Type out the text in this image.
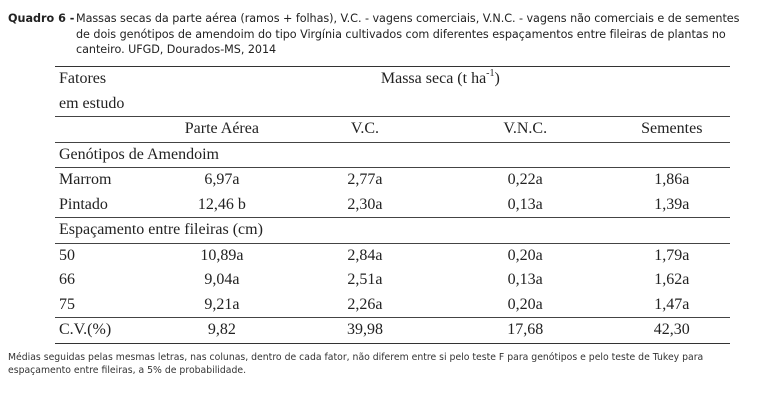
Quadro 6 - Massas secas da parte aérea (ramos + folhas), V.C. - vagens comerciais, V.N.C. - vagens não comerciais e de sementes de dois genótipos de amendoim do tipo Virgínia cultivados com diferentes espaçamentos entre fileiras de plantas no canteiro. UFGD, Dourados-MS, 2014
Fatores	Massa seca (t $ha^{-1}$)			
em estudo				
	Parte Aérea	V.C.	V.N.C.	Sementes
Genótipos de Amendoim				
Marrom	6,97a	2,77a	0,22a	1,86a
Pintado	12,46 b	2,30a	0,13a	1,39a
Espaçamento entre fileiras (cm)				
50	10,89a	2,84a	0,20a	1,79a
66	9,04a	2,51a	0,13a	1,62a
75	9,21a	2,26a	0,20a	1,47a
C.V.(%)	9,82	39,98	17,68	42,30
Médias seguidas pelas mesmas letras, nas colunas, dentro de cada fator, não diferem entre si pelo teste F para genótipos e pelo teste de Tukey para espaçamento entre fileiras, a 5% de probabilidade.
